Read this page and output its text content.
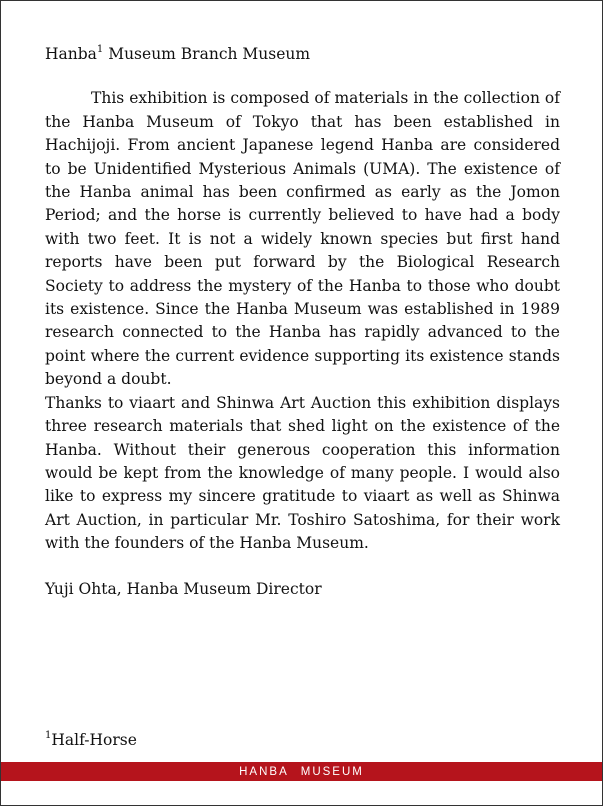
Hanba$^1$ Museum Branch Museum

This exhibition is composed of materials in the collection of the Hanba Museum of Tokyo that has been established in Hachijoji. From ancient Japanese legend Hanba are considered to be Unidentified Mysterious Animals (UMA). The existence of the Hanba animal has been confirmed as early as the Jomon Period; and the horse is currently believed to have had a body with two feet. It is not a widely known species but first hand reports have been put forward by the Biological Research Society to address the mystery of the Hanba to those who doubt its existence. Since the Hanba Museum was established in 1989 research connected to the Hanba has rapidly advanced to the point where the current evidence supporting its existence stands beyond a doubt.

Thanks to viaart and Shinwa Art Auction this exhibition displays three research materials that shed light on the existence of the Hanba. Without their generous cooperation this information would be kept from the knowledge of many people. I would also like to express my sincere gratitude to viaart as well as Shinwa Art Auction, in particular Mr. Toshiro Satoshima, for their work with the founders of the Hanba Museum.

Yuji Ohta, Hanba Museum Director

$^1$Half-Horse
HANBA MUSEUM
